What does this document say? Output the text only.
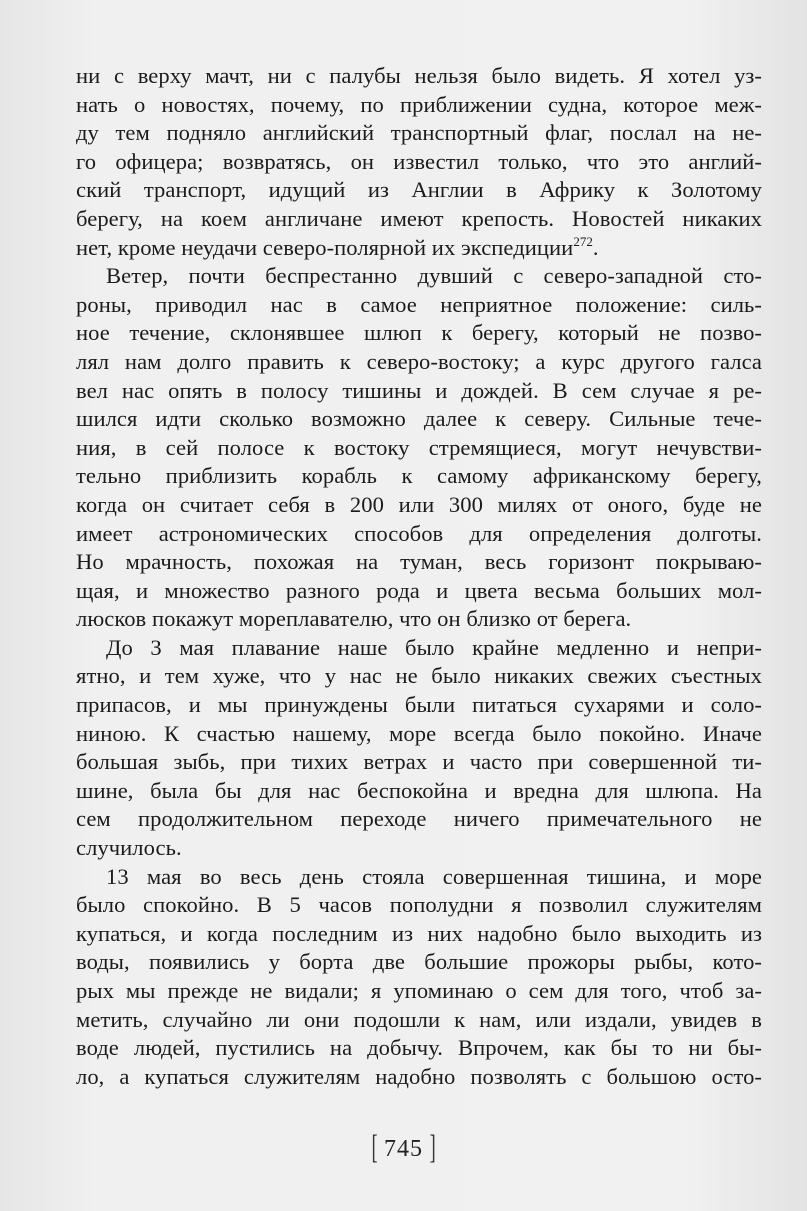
ни с верху мачт, ни с палубы нельзя было видеть. Я хотел уз-
нать о новостях, почему, по приближении судна, которое меж-
ду тем подняло английский транспортный флаг, послал на не-
го офицера; возвратясь, он известил только, что это англий-
ский транспорт, идущий из Англии в Африку к Золотому
берегу, на коем англичане имеют крепость. Новостей никаких
нет, кроме неудачи северо-полярной их экспедиции$^{272}$.
Ветер, почти беспрестанно дувший с северо-западной сто-
роны, приводил нас в самое неприятное положение: силь-
ное течение, склонявшее шлюп к берегу, который не позво-
лял нам долго править к северо-востоку; а курс другого галса
вел нас опять в полосу тишины и дождей. В сем случае я ре-
шился идти сколько возможно далее к северу. Сильные тече-
ния, в сей полосе к востоку стремящиеся, могут нечувстви-
тельно приблизить корабль к самому африканскому берегу,
когда он считает себя в 200 или 300 милях от оного, буде не
имеет астрономических способов для определения долготы.
Но мрачность, похожая на туман, весь горизонт покрываю-
щая, и множество разного рода и цвета весьма больших мол-
люсков покажут мореплавателю, что он близко от берега.
До 3 мая плавание наше было крайне медленно и непри-
ятно, и тем хуже, что у нас не было никаких свежих съестных
припасов, и мы принуждены были питаться сухарями и соло-
ниною. К счастью нашему, море всегда было покойно. Иначе
большая зыбь, при тихих ветрах и часто при совершенной ти-
шине, была бы для нас беспокойна и вредна для шлюпа. На
сем продолжительном переходе ничего примечательного не
случилось.
13 мая во весь день стояла совершенная тишина, и море
было спокойно. В 5 часов пополудни я позволил служителям
купаться, и когда последним из них надобно было выходить из
воды, появились у борта две большие прожоры рыбы, кото-
рых мы прежде не видали; я упоминаю о сем для того, чтоб за-
метить, случайно ли они подошли к нам, или издали, увидев в
воде людей, пустились на добычу. Впрочем, как бы то ни бы-
ло, а купаться служителям надобно позволять с большою осто-
[ 745 ]
